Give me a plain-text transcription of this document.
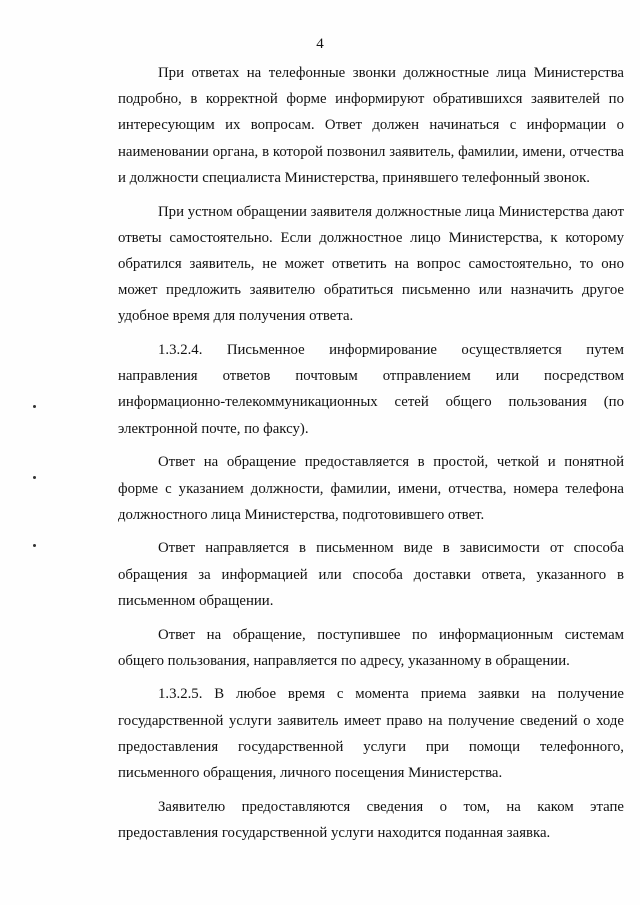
4

При ответах на телефонные звонки должностные лица Министерства подробно, в корректной форме информируют обратившихся заявителей по интересующим их вопросам. Ответ должен начинаться с информации о наименовании органа, в которой позвонил заявитель, фамилии, имени, отчества и должности специалиста Министерства, принявшего телефонный звонок.

При устном обращении заявителя должностные лица Министерства дают ответы самостоятельно. Если должностное лицо Министерства, к которому обратился заявитель, не может ответить на вопрос самостоятельно, то оно может предложить заявителю обратиться письменно или назначить другое удобное время для получения ответа.

1.3.2.4. Письменное информирование осуществляется путем направления ответов почтовым отправлением или посредством информационно-телекоммуникационных сетей общего пользования (по электронной почте, по факсу).

Ответ на обращение предоставляется в простой, четкой и понятной форме с указанием должности, фамилии, имени, отчества, номера телефона должностного лица Министерства, подготовившего ответ.

Ответ направляется в письменном виде в зависимости от способа обращения за информацией или способа доставки ответа, указанного в письменном обращении.

Ответ на обращение, поступившее по информационным системам общего пользования, направляется по адресу, указанному в обращении.

1.3.2.5. В любое время с момента приема заявки на получение государственной услуги заявитель имеет право на получение сведений о ходе предоставления государственной услуги при помощи телефонного, письменного обращения, личного посещения Министерства.

Заявителю предоставляются сведения о том, на каком этапе предоставления государственной услуги находится поданная заявка.
